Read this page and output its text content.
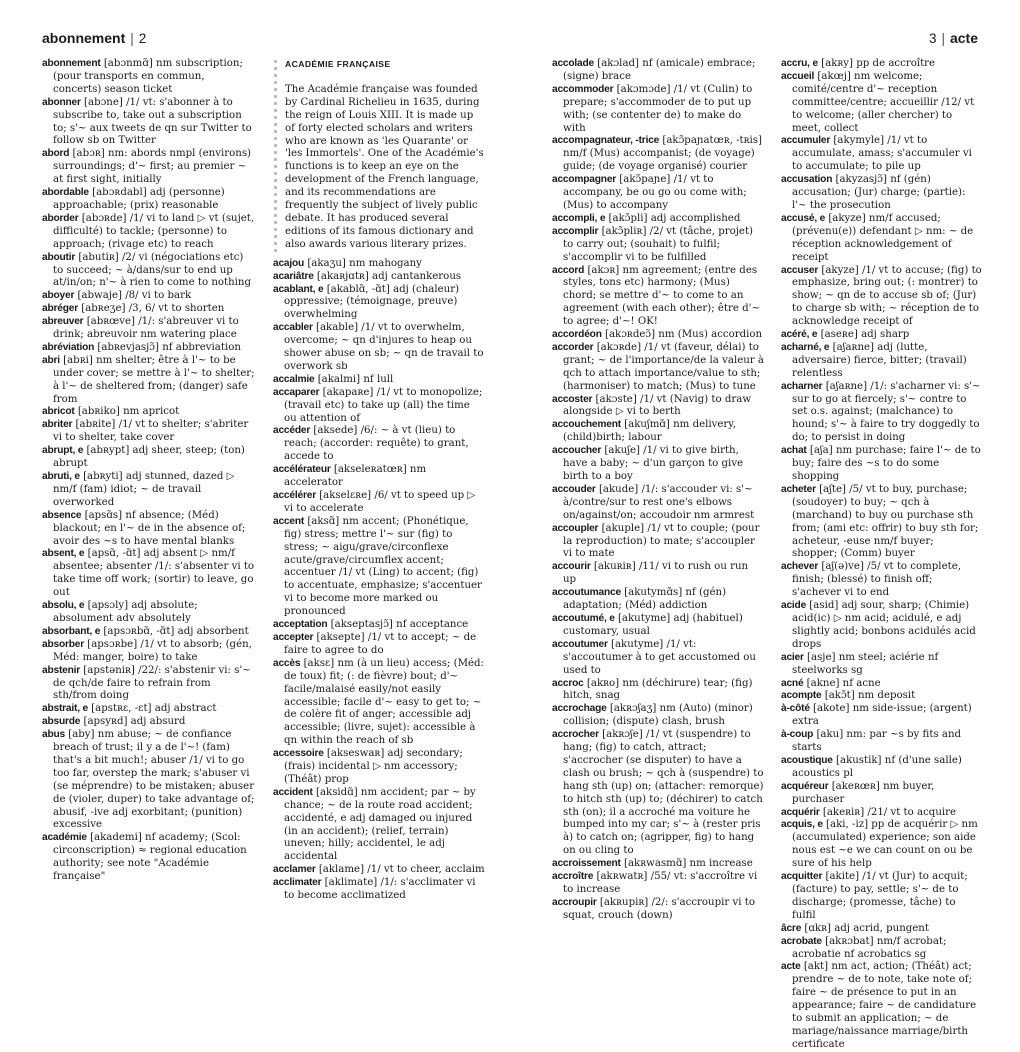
abonnement | 2	3 | acte

abonnement [abɔnmɑ̃] nm subscription; (pour transports en commun, concerts) season ticket

abonner [abɔne] /1/ vt: s'abonner à to subscribe to, take out a subscription to; s'~ aux tweets de qn sur Twitter to follow sb on Twitter

abord [abɔʀ] nm: abords nmpl (environs) surroundings; d'~ first; au premier ~ at first sight, initially

abordable [abɔʀdabl] adj (personne) approachable; (prix) reasonable

aborder [abɔʀde] /1/ vi to land ▷ vt (sujet, difficulté) to tackle; (personne) to approach; (rivage etc) to reach

aboutir [abutiʀ] /2/ vi (négociations etc) to succeed; ~ à/dans/sur to end up at/in/on; n'~ à rien to come to nothing

aboyer [abwaje] /8/ vi to bark

abréger [abʀeʒe] /3, 6/ vt to shorten

abreuver [abʀœve] /1/: s'abreuver vi to drink; abreuvoir nm watering place

abréviation [abʀevjasjɔ̃] nf abbreviation

abri [abʀi] nm shelter; être à l'~ to be under cover; se mettre à l'~ to shelter; à l'~ de sheltered from; (danger) safe from

abricot [abʀiko] nm apricot

abriter [abʀite] /1/ vt to shelter; s'abriter vi to shelter, take cover

abrupt, e [abʀypt] adj sheer, steep; (ton) abrupt

abruti, e [abʀyti] adj stunned, dazed ▷ nm/f (fam) idiot; ~ de travail overworked

absence [apsɑ̃s] nf absence; (Méd) blackout; en l'~ de in the absence of; avoir des ~s to have mental blanks

absent, e [apsɑ̃, -ɑ̃t] adj absent ▷ nm/f absentee; absenter /1/: s'absenter vi to take time off work; (sortir) to leave, go out

absolu, e [apsɔly] adj absolute; absolument adv absolutely

absorbant, e [apsɔʀbɑ̃, -ɑ̃t] adj absorbent

absorber [apsɔʀbe] /1/ vt to absorb; (gén, Méd: manger, boire) to take

abstenir [apstəniʀ] /22/: s'abstenir vi: s'~ de qch/de faire to refrain from sth/from doing

abstrait, e [apstʀɛ, -ɛt] adj abstract

absurde [apsyʀd] adj absurd

abus [aby] nm abuse; ~ de confiance breach of trust; il y a de l'~! (fam) that's a bit much!; abuser /1/ vi to go too far, overstep the mark; s'abuser vi (se méprendre) to be mistaken; abuser de (violer, duper) to take advantage of; abusif, -ive adj exorbitant; (punition) excessive

académie [akademi] nf academy; (Scol: circonscription) ≈ regional education authority; see note "Académie française"

ACADÉMIE FRANÇAISE
The Académie française was founded by Cardinal Richelieu in 1635, during the reign of Louis XIII. It is made up of forty elected scholars and writers who are known as 'les Quarante' or 'les Immortels'. One of the Académie's functions is to keep an eye on the development of the French language, and its recommendations are frequently the subject of lively public debate. It has produced several editions of its famous dictionary and also awards various literary prizes.

acajou [akaʒu] nm mahogany

acariâtre [akaʀjɑtʀ] adj cantankerous

acablant, e [akablɑ̃, -ɑ̃t] adj (chaleur) oppressive; (témoignage, preuve) overwhelming

accabler [akable] /1/ vt to overwhelm, overcome; ~ qn d'injures to heap ou shower abuse on sb; ~ qn de travail to overwork sb

accalmie [akalmi] nf lull

accaparer [akapaʀe] /1/ vt to monopolize; (travail etc) to take up (all) the time ou attention of

accéder [aksede] /6/: ~ à vt (lieu) to reach; (accorder: requête) to grant, accede to

accélérateur [akseleʀatœʀ] nm accelerator

accélérer [akselεʀe] /6/ vt to speed up ▷ vi to accelerate

accent [aksɑ̃] nm accent; (Phonétique, fig) stress; mettre l'~ sur (fig) to stress; ~ aigu/grave/circonflexe acute/grave/circumflex accent; accentuer /1/ vt (Ling) to accent; (fig) to accentuate, emphasize; s'accentuer vi to become more marked ou pronounced

acceptation [akseptasjɔ̃] nf acceptance

accepter [aksepte] /1/ vt to accept; ~ de faire to agree to do

accès [aksɛ] nm (à un lieu) access; (Méd: de toux) fit; (: de fièvre) bout; d'~ facile/malaisé easily/not easily accessible; facile d'~ easy to get to; ~ de colère fit of anger; accessible adj accessible; (livre, sujet): accessible à qn within the reach of sb

accessoire [akseswaʀ] adj secondary; (frais) incidental ▷ nm accessory; (Théât) prop

accident [aksidɑ̃] nm accident; par ~ by chance; ~ de la route road accident; accidenté, e adj damaged ou injured (in an accident); (relief, terrain) uneven; hilly; accidentel, le adj accidental

acclamer [aklame] /1/ vt to cheer, acclaim

acclimater [aklimate] /1/: s'acclimater vi to become acclimatized

accolade [akɔlad] nf (amicale) embrace; (signe) brace

accommoder [akɔmɔde] /1/ vt (Culin) to prepare; s'accommoder de to put up with; (se contenter de) to make do with

accompagnateur, -trice [akɔ̃paɲatœʀ, -tʀis] nm/f (Mus) accompanist; (de voyage) guide; (de voyage organisé) courier

accompagner [akɔ̃paɲe] /1/ vt to accompany, be ou go ou come with; (Mus) to accompany

accompli, e [akɔ̃pli] adj accomplished

accomplir [akɔ̃pliʀ] /2/ vt (tâche, projet) to carry out; (souhait) to fulfil; s'accomplir vi to be fulfilled

accord [akɔʀ] nm agreement; (entre des styles, tons etc) harmony; (Mus) chord; se mettre d'~ to come to an agreement (with each other); être d'~ to agree; d'~! OK!

accordéon [akɔʀdeɔ̃] nm (Mus) accordion

accorder [akɔʀde] /1/ vt (faveur, délai) to grant; ~ de l'importance/de la valeur à qch to attach importance/value to sth; (harmoniser) to match; (Mus) to tune

accoster [akɔste] /1/ vt (Navig) to draw alongside ▷ vi to berth

accouchement [akuʃmɑ̃] nm delivery, (child)birth; labour

accoucher [akuʃe] /1/ vi to give birth, have a baby; ~ d'un garçon to give birth to a boy

accouder [akude] /1/: s'accouder vi: s'~ à/contre/sur to rest one's elbows on/against/on; accoudoir nm armrest

accoupler [akuple] /1/ vt to couple; (pour la reproduction) to mate; s'accoupler vi to mate

accourir [akuʀiʀ] /11/ vi to rush ou run up

accoutumance [akutymɑ̃s] nf (gén) adaptation; (Méd) addiction

accoutumé, e [akutyme] adj (habituel) customary, usual

accoutumer [akutyme] /1/ vt: s'accoutumer à to get accustomed ou used to

accroc [akʀo] nm (déchirure) tear; (fig) hitch, snag

accrochage [akʀɔʃaʒ] nm (Auto) (minor) collision; (dispute) clash, brush

accrocher [akʀɔʃe] /1/ vt (suspendre) to hang; (fig) to catch, attract; s'accrocher (se disputer) to have a clash ou brush; ~ qch à (suspendre) to hang sth (up) on; (attacher: remorque) to hitch sth (up) to; (déchirer) to catch sth (on); il a accroché ma voiture he bumped into my car; s'~ à (rester pris à) to catch on; (agripper, fig) to hang on ou cling to

accroissement [akʀwasmɑ̃] nm increase

accroître [akʀwatʀ] /55/ vt: s'accroître vi to increase

accroupir [akʀupiʀ] /2/: s'accroupir vi to squat, crouch (down)

accru, e [akʀy] pp de accroître

accueil [akœj] nm welcome; comité/centre d'~ reception committee/centre; accueillir /12/ vt to welcome; (aller chercher) to meet, collect

accumuler [akymyle] /1/ vt to accumulate, amass; s'accumuler vi to accumulate; to pile up

accusation [akyzasjɔ̃] nf (gén) accusation; (Jur) charge; (partie): l'~ the prosecution

accusé, e [akyze] nm/f accused; (prévenu(e)) defendant ▷ nm: ~ de réception acknowledgement of receipt

accuser [akyze] /1/ vt to accuse; (fig) to emphasize, bring out; (: montrer) to show; ~ qn de to accuse sb of; (Jur) to charge sb with; ~ réception de to acknowledge receipt of

acéré, e [aseʀe] adj sharp

acharné, e [aʃaʀne] adj (lutte, adversaire) fierce, bitter; (travail) relentless

acharner [aʃaʀne] /1/: s'acharner vi: s'~ sur to go at fiercely; s'~ contre to set o.s. against; (malchance) to hound; s'~ à faire to try doggedly to do; to persist in doing

achat [aʃa] nm purchase; faire l'~ de to buy; faire des ~s to do some shopping

acheter [aʃte] /5/ vt to buy, purchase; (soudoyer) to buy; ~ qch à (marchand) to buy ou purchase sth from; (ami etc: offrir) to buy sth for; acheteur, -euse nm/f buyer; shopper; (Comm) buyer

achever [aʃ(ə)ve] /5/ vt to complete, finish; (blessé) to finish off; s'achever vi to end

acide [asid] adj sour, sharp; (Chimie) acid(ic) ▷ nm acid; acidulé, e adj slightly acid; bonbons acidulés acid drops

acier [asje] nm steel; aciérie nf steelworks sg

acné [akne] nf acne

acompte [akɔ̃t] nm deposit

à-côté [akote] nm side-issue; (argent) extra

à-coup [aku] nm: par ~s by fits and starts

acoustique [akustik] nf (d'une salle) acoustics pl

acquéreur [akeʀœʀ] nm buyer, purchaser

acquérir [akeʀiʀ] /21/ vt to acquire

acquis, e [aki, -iz] pp de acquérir ▷ nm (accumulated) experience; son aide nous est ~e we can count on ou be sure of his help

acquitter [akite] /1/ vt (Jur) to acquit; (facture) to pay, settle; s'~ de to discharge; (promesse, tâche) to fulfil

âcre [ɑkʀ] adj acrid, pungent

acrobate [akʀɔbat] nm/f acrobat; acrobatie nf acrobatics sg

acte [akt] nm act, action; (Théât) act; prendre ~ de to note, take note of; faire ~ de présence to put in an appearance; faire ~ de candidature to submit an application; ~ de mariage/naissance marriage/birth certificate
